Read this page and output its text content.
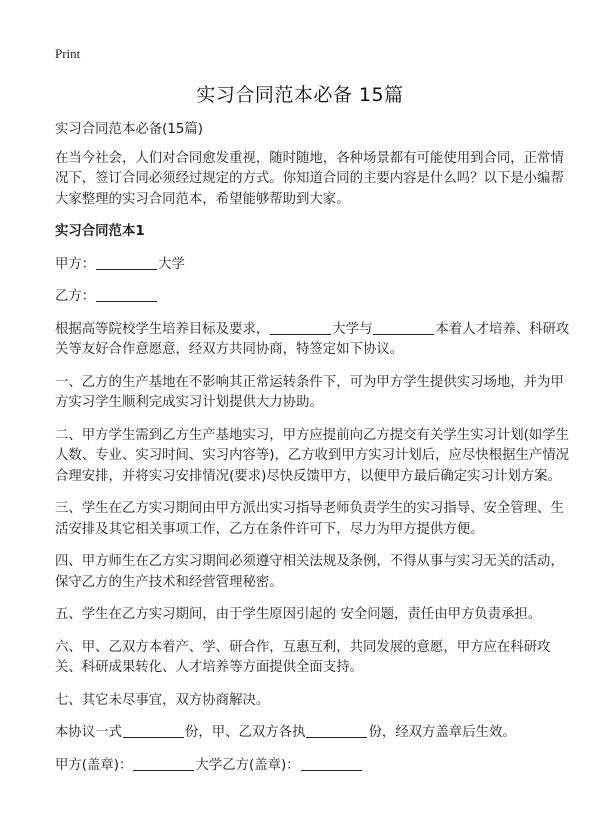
Print
实习合同范本必备 15篇

实习合同范本必备(15篇)

在当今社会，人们对合同愈发重视，随时随地，各种场景都有可能使用到合同，正常情况下，签订合同必须经过规定的方式。你知道合同的主要内容是什么吗？以下是小编帮大家整理的实习合同范本，希望能够帮助到大家。

实习合同范本1

甲方：	大学

乙方：

根据高等院校学生培养目标及要求，	大学与	本着人才培养、科研攻关等友好合作意愿意，经双方共同协商，特签定如下协议。

一、乙方的生产基地在不影响其正常运转条件下，可为甲方学生提供实习场地，并为甲方实习学生顺利完成实习计划提供大力协助。

二、甲方学生需到乙方生产基地实习，甲方应提前向乙方提交有关学生实习计划(如学生人数、专业、实习时间、实习内容等)，乙方收到甲方实习计划后，应尽快根据生产情况合理安排，并将实习安排情况(要求)尽快反馈甲方，以便甲方最后确定实习计划方案。

三、学生在乙方实习期间由甲方派出实习指导老师负责学生的实习指导、安全管理、生活安排及其它相关事项工作，乙方在条件许可下，尽力为甲方提供方便。

四、甲方师生在乙方实习期间必须遵守相关法规及条例，不得从事与实习无关的活动，保守乙方的生产技术和经营管理秘密。

五、学生在乙方实习期间，由于学生原因引起的 安全问题，责任由甲方负责承担。

六、甲、乙双方本着产、学、研合作，互惠互利，共同发展的意愿，甲方应在科研攻关、科研成果转化、人才培养等方面提供全面支持。

七、其它未尽事宜，双方协商解决。

本协议一式	份，甲、乙双方各执	份，经双方盖章后生效。

甲方(盖章)：	大学乙方(盖章)：
